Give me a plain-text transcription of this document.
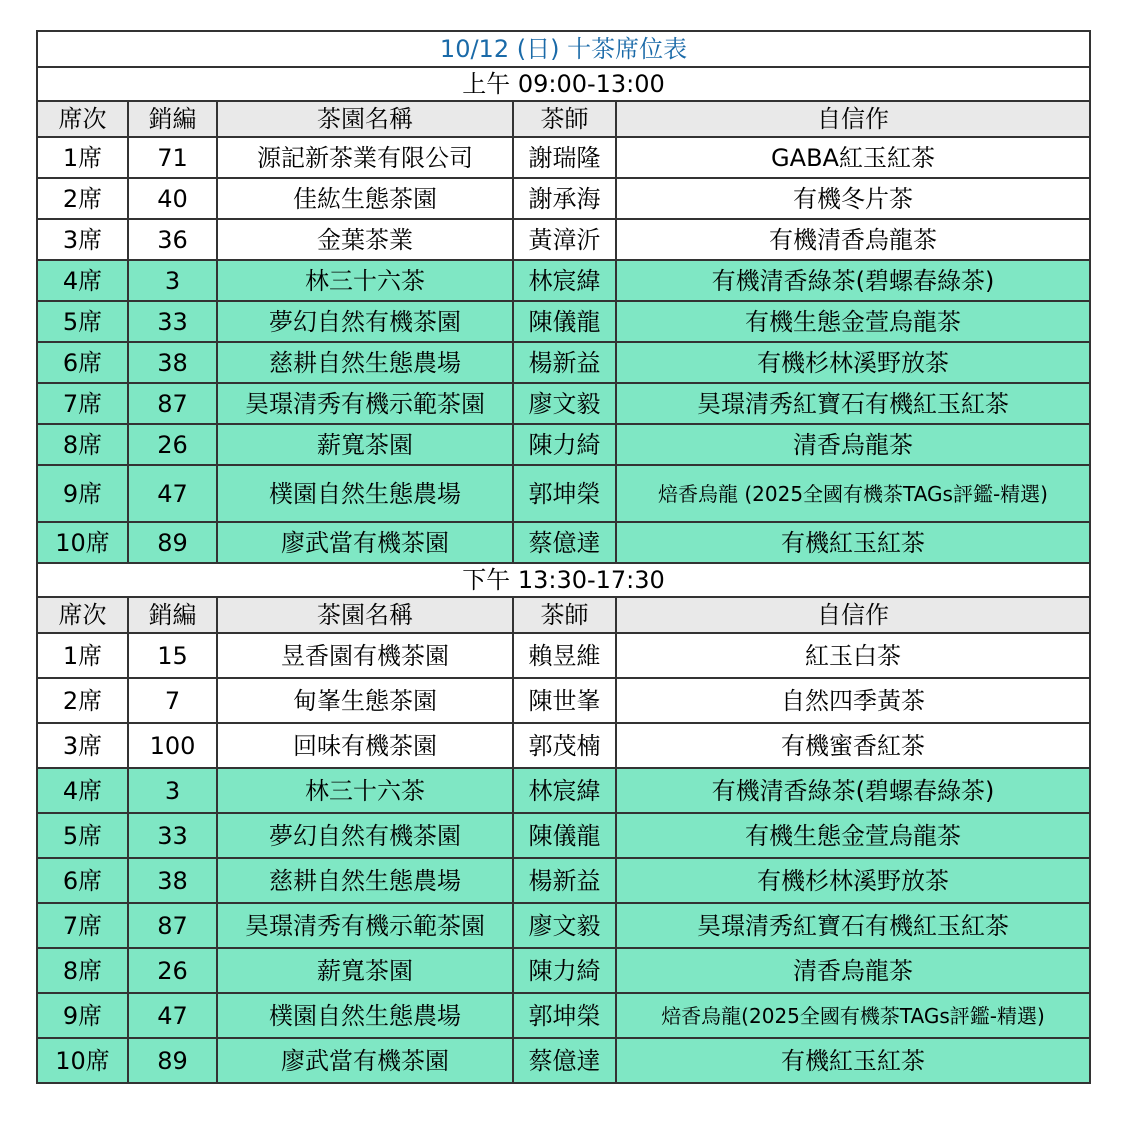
10/12 (日) 十茶席位表				
上午 09:00-13:00				
席次	銷編	茶園名稱	茶師	自信作
1席	71	源記新茶業有限公司	謝瑞隆	GABA紅玉紅茶
2席	40	佳紘生態茶園	謝承海	有機冬片茶
3席	36	金葉茶業	黃漳沂	有機清香烏龍茶
4席	3	林三十六茶	林宸緯	有機清香綠茶(碧螺春綠茶)
5席	33	夢幻自然有機茶園	陳儀龍	有機生態金萱烏龍茶
6席	38	慈耕自然生態農場	楊新益	有機杉林溪野放茶
7席	87	昊璟清秀有機示範茶園	廖文毅	昊璟清秀紅寶石有機紅玉紅茶
8席	26	薪寬茶園	陳力綺	清香烏龍茶
9席	47	樸園自然生態農場	郭坤榮	焙香烏龍 (2025全國有機茶TAGs評鑑-精選)
10席	89	廖武當有機茶園	蔡億達	有機紅玉紅茶
下午 13:30-17:30				
席次	銷編	茶園名稱	茶師	自信作
1席	15	昱香園有機茶園	賴昱維	紅玉白茶
2席	7	甸峯生態茶園	陳世峯	自然四季黃茶
3席	100	回味有機茶園	郭茂楠	有機蜜香紅茶
4席	3	林三十六茶	林宸緯	有機清香綠茶(碧螺春綠茶)
5席	33	夢幻自然有機茶園	陳儀龍	有機生態金萱烏龍茶
6席	38	慈耕自然生態農場	楊新益	有機杉林溪野放茶
7席	87	昊璟清秀有機示範茶園	廖文毅	昊璟清秀紅寶石有機紅玉紅茶
8席	26	薪寬茶園	陳力綺	清香烏龍茶
9席	47	樸園自然生態農場	郭坤榮	焙香烏龍(2025全國有機茶TAGs評鑑-精選)
10席	89	廖武當有機茶園	蔡億達	有機紅玉紅茶
